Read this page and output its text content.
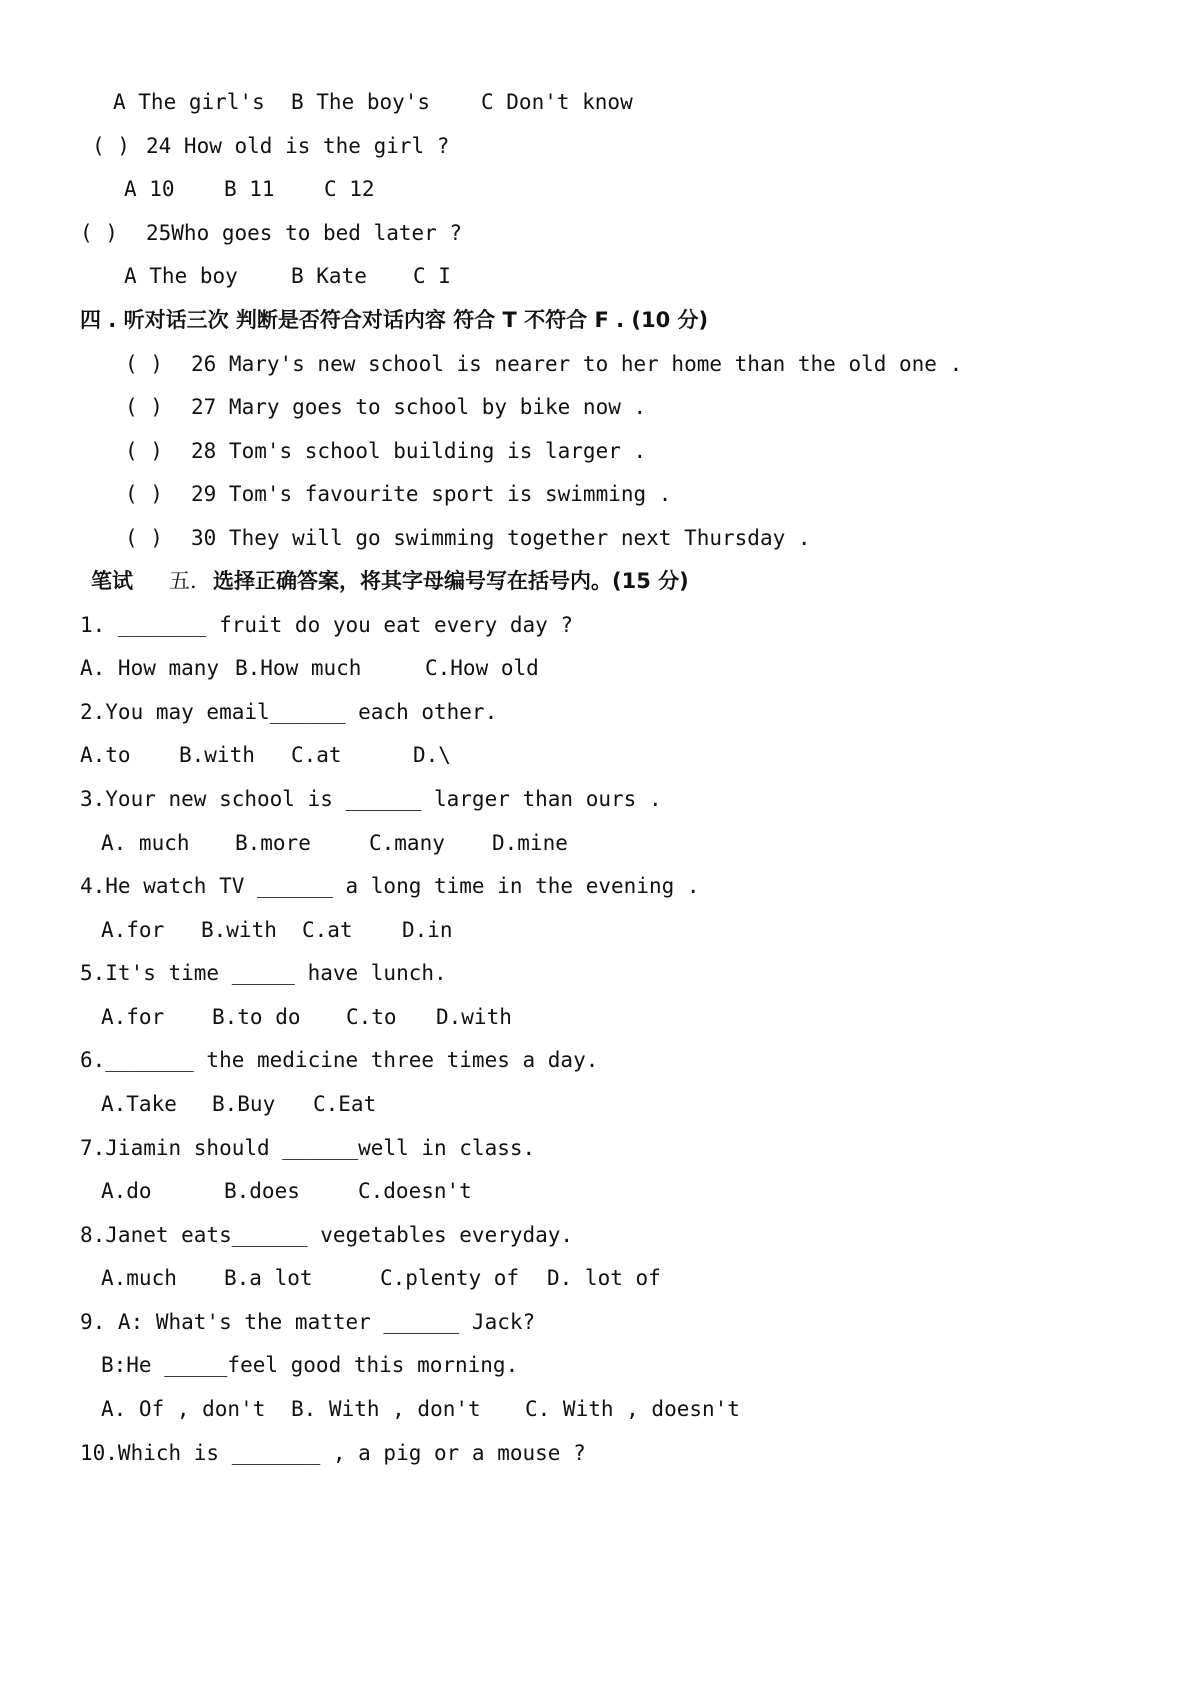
A The girl's B The boy's C Don't know
( ) 24 How old is the girl ?
A 10 B 11 C 12
( ) 25Who goes to bed later ?
A The boy	B Kate C I
四 . 听对话三次 判断是否符合对话内容 符合 T 不符合 F . (10 分)
( ) 26 Mary's new school is nearer to her home than the old one .
( ) 27 Mary goes to school by bike now .
( ) 28 Tom's school building is larger .
( ) 29 Tom's favourite sport is swimming .
( ) 30 They will go swimming together next Thursday .
笔试 五. 选择正确答案，将其字母编号写在括号内。(15 分)
1. _______ fruit do you eat every day ?
A. How many B.How much	C.How old
2.You may email______ each other.
A.to B.with C.at	D.\
3.Your new school is ______ larger than ours .
A. much B.more	C.many D.mine
4.He watch TV ______ a long time in the evening .
A.for B.with C.at D.in
5.It's time _____ have lunch.
A.for B.to do C.to D.with
6._______ the medicine three times a day.
A.Take B.Buy C.Eat
7.Jiamin should ______well in class.
A.do	B.does	C.doesn't
8.Janet eats______ vegetables everyday.
A.much B.a lot	C.plenty of D. lot of
9. A: What's the matter ______ Jack?
B:He _____feel good this morning.
A. Of , don't B. With , don't C. With , doesn't
10.Which is _______ , a pig or a mouse ?
